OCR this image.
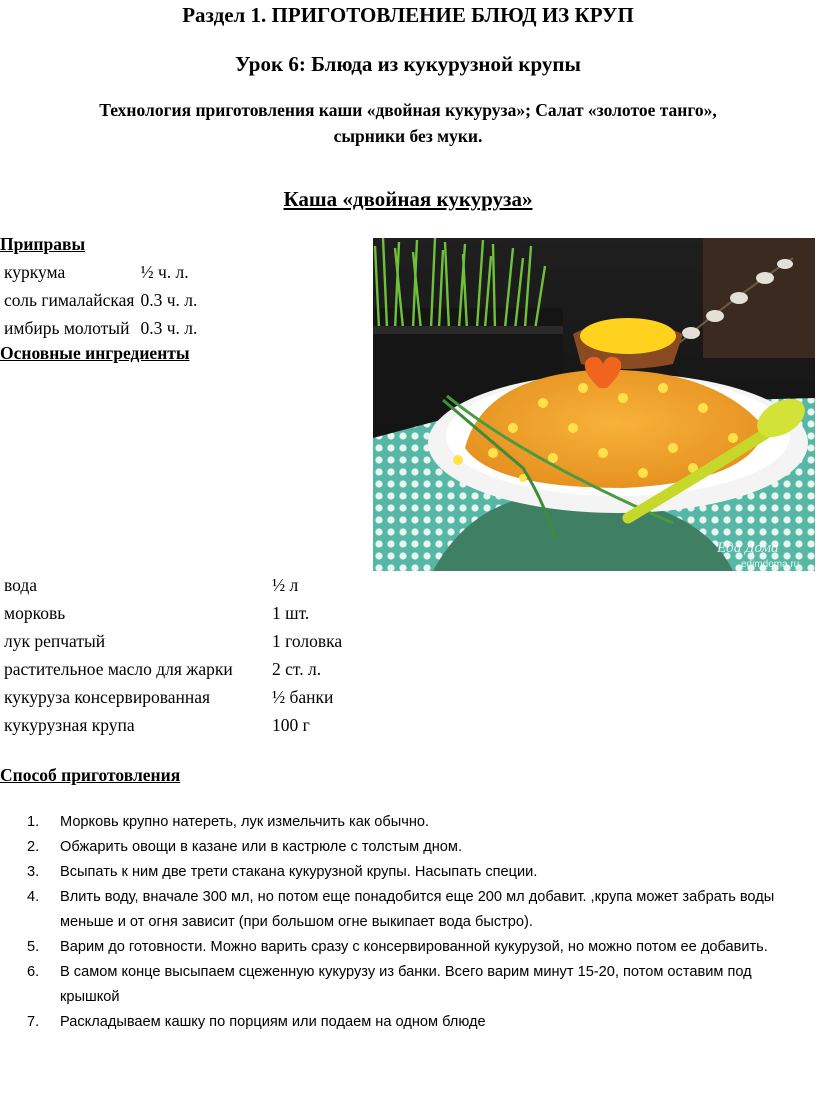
Раздел 1. ПРИГОТОВЛЕНИЕ БЛЮД ИЗ КРУП
Урок 6: Блюда из кукурузной крупы
Технология приготовления каши «двойная кукуруза»; Салат «золотое танго»,
сырники без муки.
Каша «двойная кукуруза»
Приправы
куркума	½ ч. л.
соль гималайская	0.3 ч. л.
имбирь молотый	0.3 ч. л.
Основные ингредиенты
Еда Дома
edimdoma.ru
вода	½ л
морковь	1 шт.
лук репчатый	1 головка
растительное масло для жарки	2 ст. л.
кукуруза консервированная	½ банки
кукурузная крупа	100 г
Способ приготовления
1. Морковь крупно натереть, лук измельчить как обычно.
2. Обжарить овощи в казане или в кастрюле с толстым дном.
3. Всыпать к ним две трети стакана кукурузной крупы. Насыпать специи.
4. Влить воду, вначале 300 мл, но потом еще понадобится еще 200 мл добавит. ,крупа может забрать воды меньше и от огня зависит (при большом огне выкипает вода быстро).
5. Варим до готовности. Можно варить сразу с консервированной кукурузой, но можно потом ее добавить.
6. В самом конце высыпаем сцеженную кукурузу из банки. Всего варим минут 15-20, потом оставим под крышкой
7. Раскладываем кашку по порциям или подаем на одном блюде
